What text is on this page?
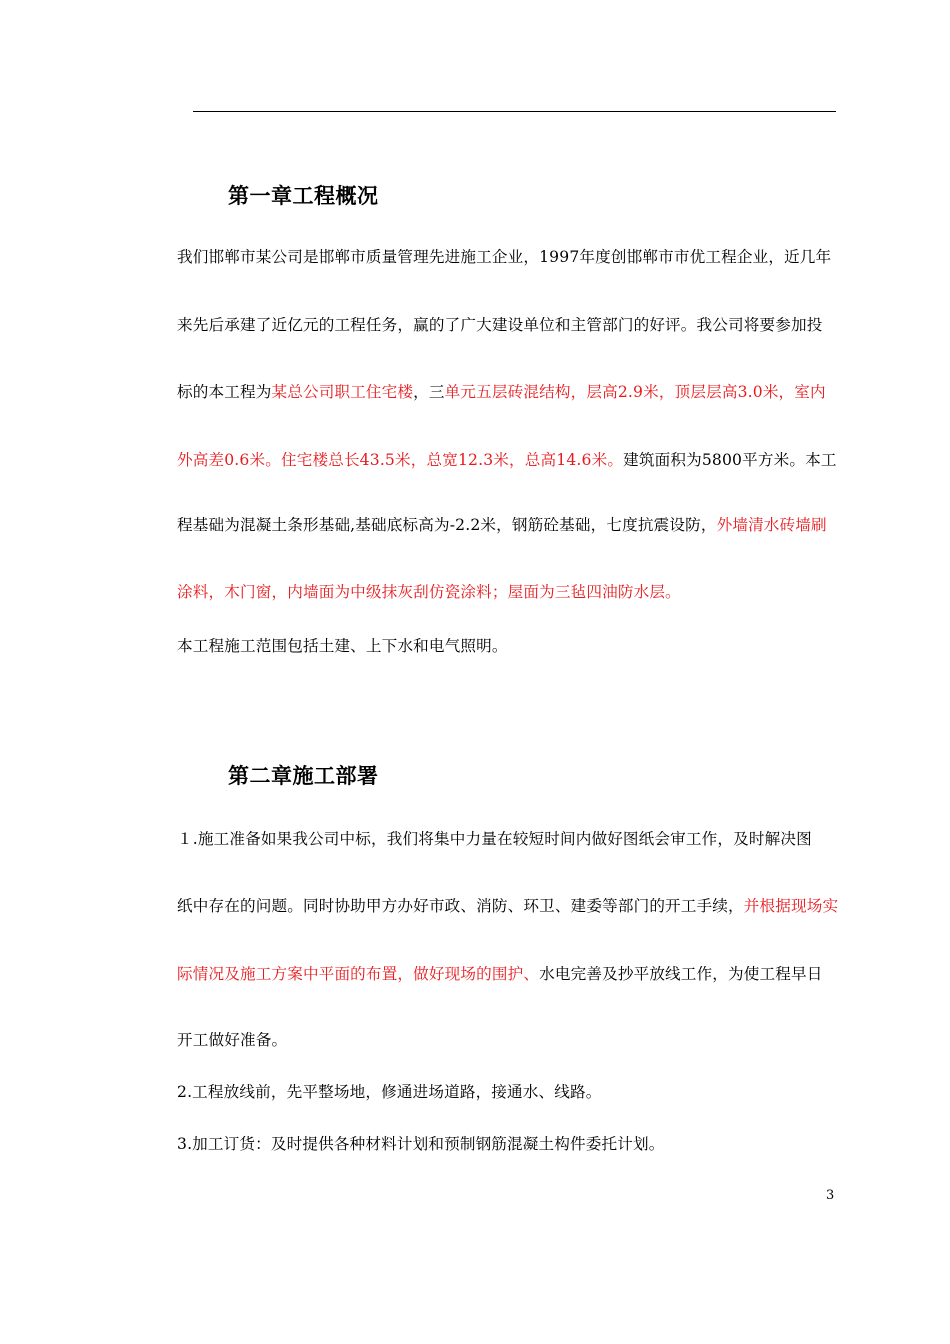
第一章工程概况
我们邯郸市某公司是邯郸市质量管理先进施工企业，1997年度创邯郸市市优工程企业，近几年
来先后承建了近亿元的工程任务，赢的了广大建设单位和主管部门的好评。我公司将要参加投
标的本工程为某总公司职工住宅楼，三单元五层砖混结构，层高2.9米，顶层层高3.0米，室内
外高差0.6米。住宅楼总长43.5米，总宽12.3米，总高14.6米。建筑面积为5800平方米。本工
程基础为混凝土条形基础,基础底标高为-2.2米，钢筋砼基础，七度抗震设防，外墙清水砖墙刷
涂料，木门窗，内墙面为中级抹灰刮仿瓷涂料；屋面为三毡四油防水层。
本工程施工范围包括土建、上下水和电气照明。
第二章施工部署
１.施工准备如果我公司中标，我们将集中力量在较短时间内做好图纸会审工作，及时解决图
纸中存在的问题。同时协助甲方办好市政、消防、环卫、建委等部门的开工手续，并根据现场实
际情况及施工方案中平面的布置，做好现场的围护、水电完善及抄平放线工作，为使工程早日
开工做好准备。
2.工程放线前，先平整场地，修通进场道路，接通水、线路。
3.加工订货：及时提供各种材料计划和预制钢筋混凝土构件委托计划。
3
